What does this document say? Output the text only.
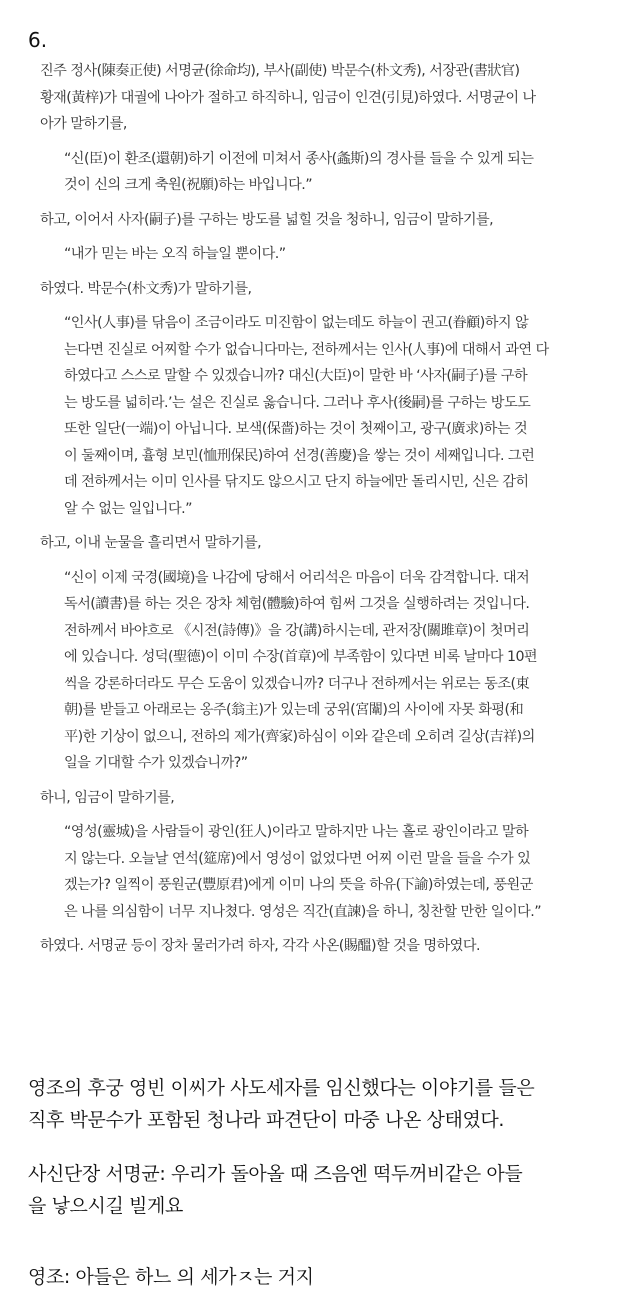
6.

진주 정사(陳奏正使) 서명균(徐命均), 부사(副使) 박문수(朴文秀), 서장관(書狀官)
황재(黃梓)가 대궐에 나아가 절하고 하직하니, 임금이 인견(引見)하였다. 서명균이 나
아가 말하기를,

“신(臣)이 환조(還朝)하기 이전에 미쳐서 종사(螽斯)의 경사를 들을 수 있게 되는
것이 신의 크게 축원(祝願)하는 바입니다.”

하고, 이어서 사자(嗣子)를 구하는 방도를 넓힐 것을 청하니, 임금이 말하기를,

“내가 믿는 바는 오직 하늘일 뿐이다.”

하였다. 박문수(朴文秀)가 말하기를,

“인사(人事)를 닦음이 조금이라도 미진함이 없는데도 하늘이 권고(眷顧)하지 않
는다면 진실로 어찌할 수가 없습니다마는, 전하께서는 인사(人事)에 대해서 과연 다
하였다고 스스로 말할 수 있겠습니까? 대신(大臣)이 말한 바 ‘사자(嗣子)를 구하
는 방도를 넓히라.’는 설은 진실로 옳습니다. 그러나 후사(後嗣)를 구하는 방도도
또한 일단(一端)이 아닙니다. 보색(保嗇)하는 것이 첫째이고, 광구(廣求)하는 것
이 둘째이며, 휼형 보민(恤刑保民)하여 선경(善慶)을 쌓는 것이 세째입니다. 그런
데 전하께서는 이미 인사를 닦지도 않으시고 단지 하늘에만 돌리시민, 신은 감히
알 수 없는 일입니다.”

하고, 이내 눈물을 흘리면서 말하기를,

“신이 이제 국경(國境)을 나감에 당해서 어리석은 마음이 더욱 감격합니다. 대저
독서(讀書)를 하는 것은 장차 체험(體驗)하여 힘써 그것을 실행하려는 것입니다.
전하께서 바야흐로 《시전(詩傳)》을 강(講)하시는데, 관저장(關雎章)이 첫머리
에 있습니다. 성덕(聖德)이 이미 수장(首章)에 부족함이 있다면 비록 날마다 10편
씩을 강론하더라도 무슨 도움이 있겠습니까? 더구나 전하께서는 위로는 동조(東
朝)를 받들고 아래로는 옹주(翁主)가 있는데 궁위(宮闈)의 사이에 자못 화평(和
平)한 기상이 없으니, 전하의 제가(齊家)하심이 이와 같은데 오히려 길상(吉祥)의
일을 기대할 수가 있겠습니까?”

하니, 임금이 말하기를,

“영성(靈城)을 사람들이 광인(狂人)이라고 말하지만 나는 홀로 광인이라고 말하
지 않는다. 오늘날 연석(筵席)에서 영성이 없었다면 어찌 이런 말을 들을 수가 있
겠는가? 일찍이 풍원군(豐原君)에게 이미 나의 뜻을 하유(下諭)하였는데, 풍원군
은 나를 의심함이 너무 지나쳤다. 영성은 직간(直諫)을 하니, 칭찬할 만한 일이다.”

하였다. 서명균 등이 장차 물러가려 하자, 각각 사온(賜醞)할 것을 명하였다.

영조의 후궁 영빈 이씨가 사도세자를 임신했다는 이야기를 들은
직후 박문수가 포함된 청나라 파견단이 마중 나온 상태였다.

사신단장 서명균: 우리가 돌아올 때 즈음엔 떡두꺼비같은 아들
을 낳으시길 빌게요

영조: 아들은 하느 의 세가ㅈ는 거지
